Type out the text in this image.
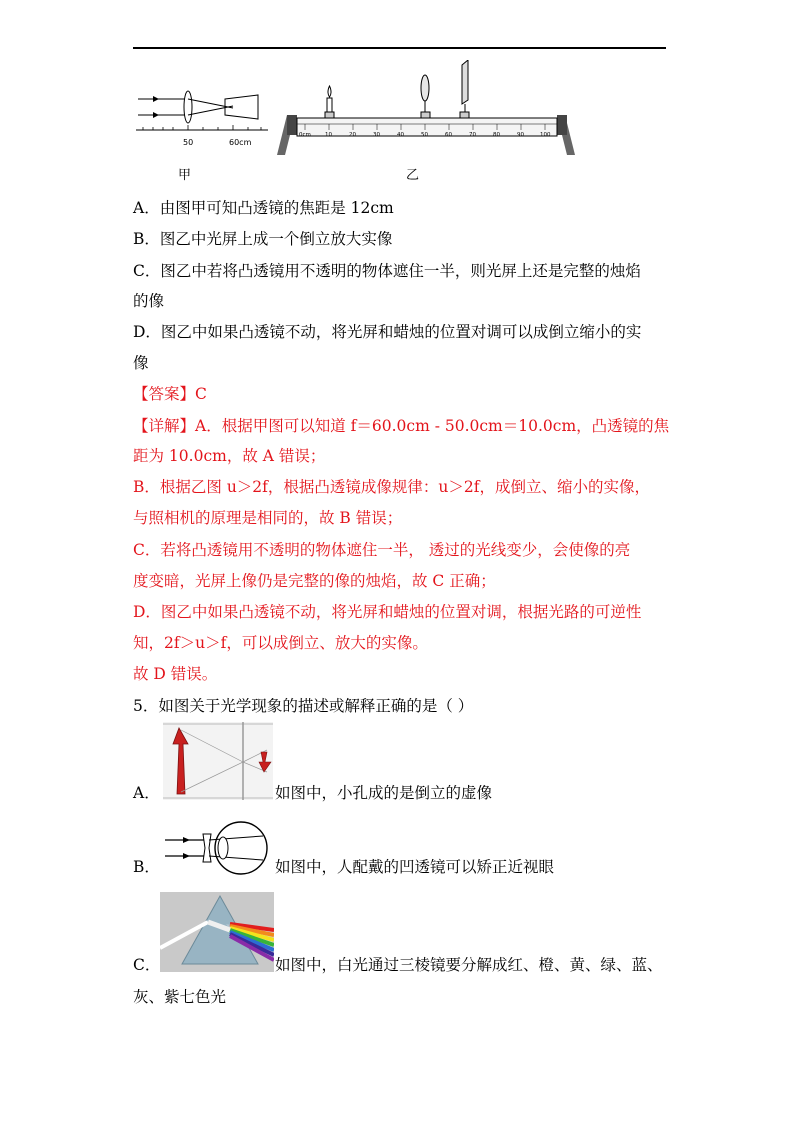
50	60cm
甲
0cm	10	20	30	40	50	60	70	80	90	100
乙
A．由图甲可知凸透镜的焦距是 12cm
B．图乙中光屏上成一个倒立放大实像
C．图乙中若将凸透镜用不透明的物体遮住一半，则光屏上还是完整的烛焰
的像
D．图乙中如果凸透镜不动，将光屏和蜡烛的位置对调可以成倒立缩小的实
像
【答案】C
【详解】A．根据甲图可以知道 f＝60.0cm - 50.0cm＝10.0cm，凸透镜的焦
距为 10.0cm，故 A 错误；
B．根据乙图 u＞2f，根据凸透镜成像规律：u＞2f，成倒立、缩小的实像，
与照相机的原理是相同的，故 B 错误；
C．若将凸透镜用不透明的物体遮住一半， 透过的光线变少，会使像的亮
度变暗，光屏上像仍是完整的像的烛焰，故 C 正确；
D．图乙中如果凸透镜不动，将光屏和蜡烛的位置对调，根据光路的可逆性
知，2f＞u＞f，可以成倒立、放大的实像。
故 D 错误。
5．如图关于光学现象的描述或解释正确的是（ ）
A．	如图中，小孔成的是倒立的虚像
B．	如图中，人配戴的凹透镜可以矫正近视眼
C．	如图中，白光通过三棱镜要分解成红、橙、黄、绿、蓝、
灰、紫七色光
